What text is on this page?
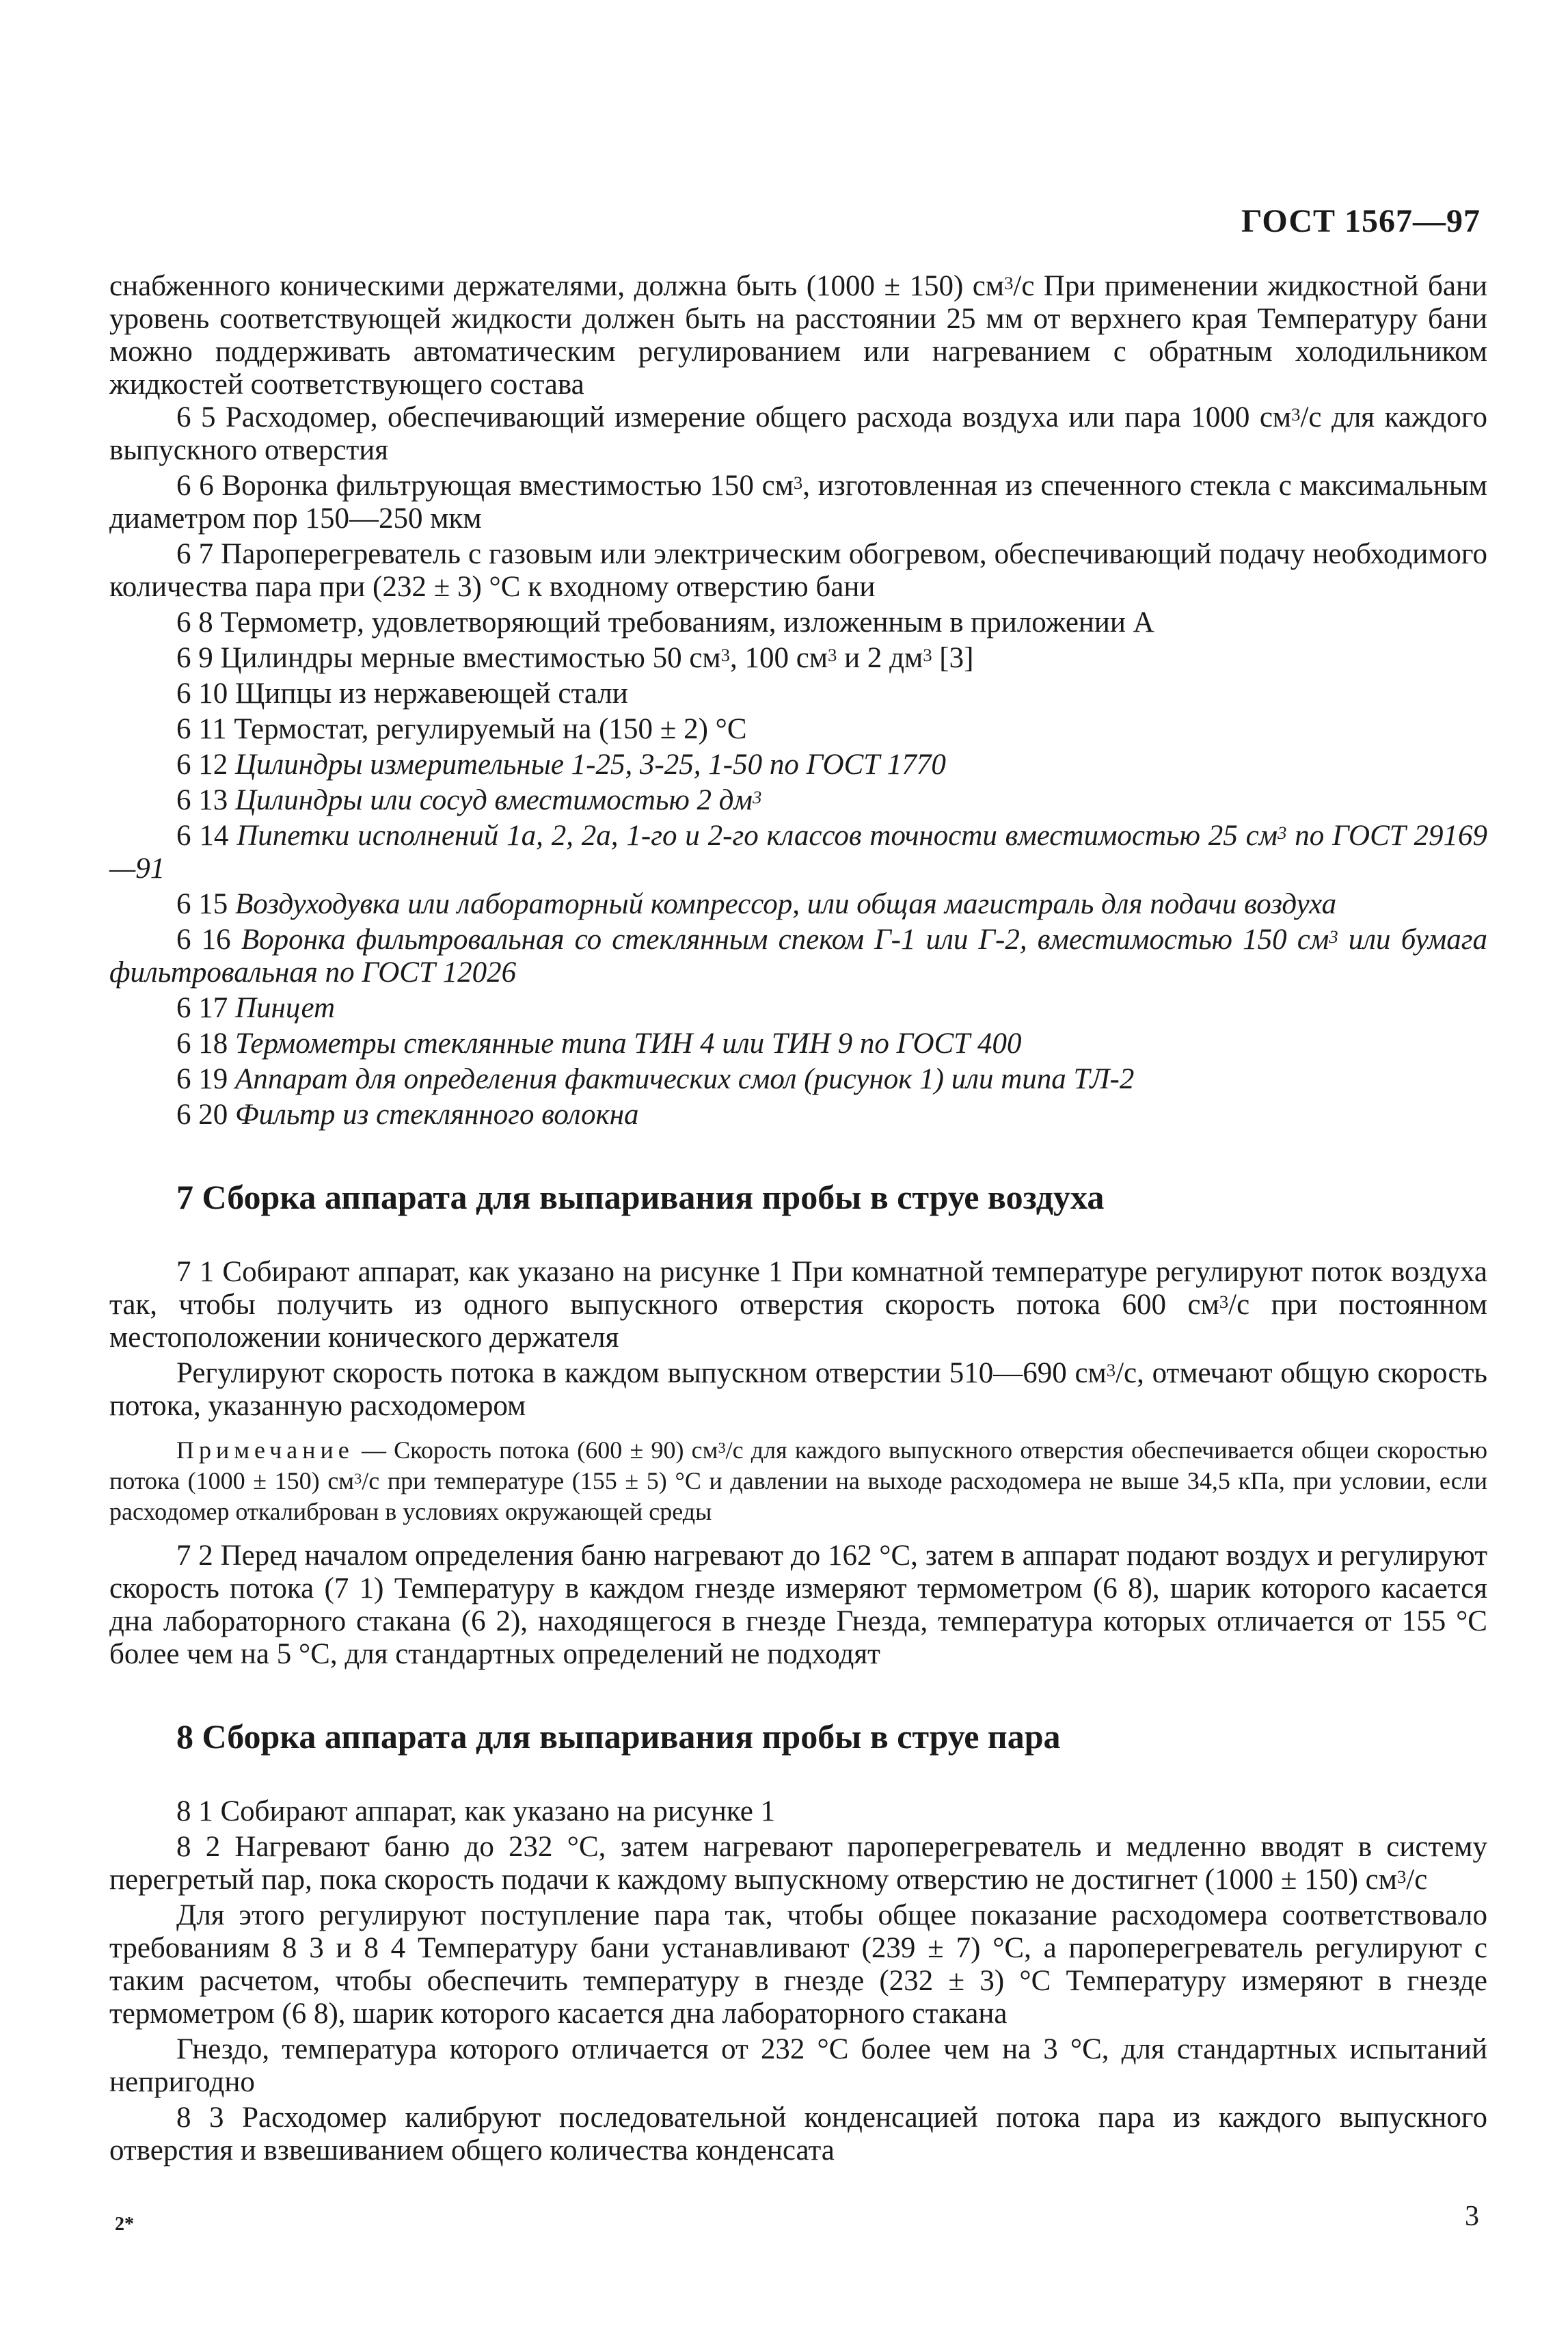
ГОСТ 1567—97

снабженного коническими держателями, должна быть (1000 ± 150) $см^3/с$ При применении жидкостной бани уровень соответствующей жидкости должен быть на расстоянии 25 мм от верхнего края Температуру бани можно поддерживать автоматическим регулированием или нагреванием с обратным холодильником жидкостей соответствующего состава

6 5 Расходомер, обеспечивающий измерение общего расхода воздуха или пара 1000 $см^3/с$ для каждого выпускного отверстия

6 6 Воронка фильтрующая вместимостью 150 $см^3$, изготовленная из спеченного стекла с максимальным диаметром пор 150—250 мкм

6 7 Пароперегреватель с газовым или электрическим обогревом, обеспечивающий подачу необходимого количества пара при (232 ± 3) °С к входному отверстию бани

6 8 Термометр, удовлетворяющий требованиям, изложенным в приложении А

6 9 Цилиндры мерные вместимостью 50 $см^3$, 100 $см^3$ и 2 $дм^3$ [3]

6 10 Щипцы из нержавеющей стали

6 11 Термостат, регулируемый на (150 ± 2) °С

6 12 Цилиндры измерительные 1-25, 3-25, 1-50 по ГОСТ 1770

6 13 Цилиндры или сосуд вместимостью 2 $дм^3$

6 14 Пипетки исполнений 1а, 2, 2а, 1-го и 2-го классов точности вместимостью 25 $см^3$ по ГОСТ 29169—91

6 15 Воздуходувка или лабораторный компрессор, или общая магистраль для подачи воздуха

6 16 Воронка фильтровальная со стеклянным спеком Г-1 или Г-2, вместимостью 150 $см^3$ или бумага фильтровальная по ГОСТ 12026

6 17 Пинцет

6 18 Термометры стеклянные типа ТИН 4 или ТИН 9 по ГОСТ 400

6 19 Аппарат для определения фактических смол (рисунок 1) или типа ТЛ-2

6 20 Фильтр из стеклянного волокна

7 Сборка аппарата для выпаривания пробы в струе воздуха

7 1 Собирают аппарат, как указано на рисунке 1 При комнатной температуре регулируют поток воздуха так, чтобы получить из одного выпускного отверстия скорость потока 600 $см^3/с$ при постоянном местоположении конического держателя

Регулируют скорость потока в каждом выпускном отверстии 510—690 $см^3/с$, отмечают общую скорость потока, указанную расходомером

Примечание — Скорость потока (600 ± 90) $см^3/с$ для каждого выпускного отверстия обеспечивается общеи скоростью потока (1000 ± 150) $см^3/с$ при температуре (155 ± 5) °С и давлении на выходе расходомера не выше 34,5 кПа, при условии, если расходомер откалиброван в условиях окружающей среды

7 2 Перед началом определения баню нагревают до 162 °С, затем в аппарат подают воздух и регулируют скорость потока (7 1) Температуру в каждом гнезде измеряют термометром (6 8), шарик которого касается дна лабораторного стакана (6 2), находящегося в гнезде Гнезда, температура которых отличается от 155 °С более чем на 5 °С, для стандартных определений не подходят

8 Сборка аппарата для выпаривания пробы в струе пара

8 1 Собирают аппарат, как указано на рисунке 1

8 2 Нагревают баню до 232 °С, затем нагревают пароперегреватель и медленно вводят в систему перегретый пар, пока скорость подачи к каждому выпускному отверстию не достигнет (1000 ± 150) $см^3/с$

Для этого регулируют поступление пара так, чтобы общее показание расходомера соответствовало требованиям 8 3 и 8 4 Температуру бани устанавливают (239 ± 7) °С, а пароперегреватель регулируют с таким расчетом, чтобы обеспечить температуру в гнезде (232 ± 3) °С Температуру измеряют в гнезде термометром (6 8), шарик которого касается дна лабораторного стакана

Гнездо, температура которого отличается от 232 °С более чем на 3 °С, для стандартных испытаний непригодно

8 3 Расходомер калибруют последовательной конденсацией потока пара из каждого выпускного отверстия и взвешиванием общего количества конденсата

3
2*
